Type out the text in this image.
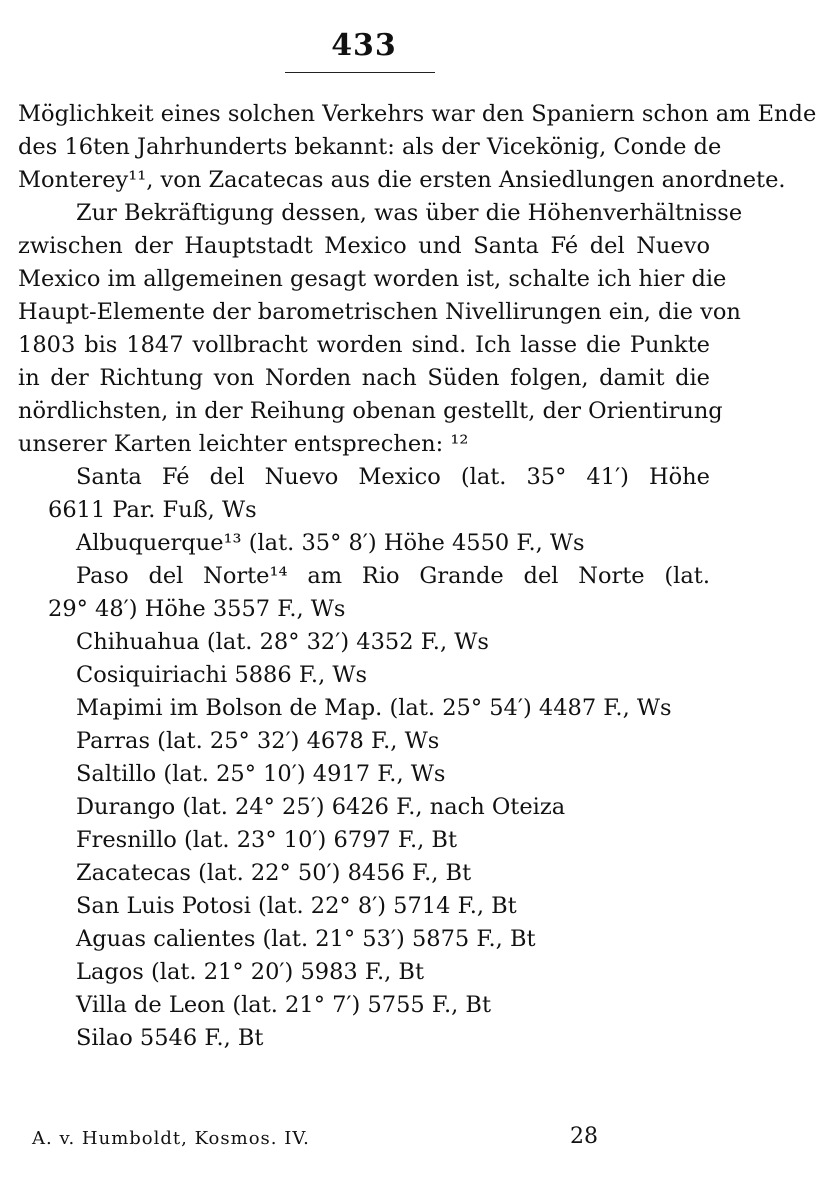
433
Möglichkeit eines solchen Verkehrs war den Spaniern schon am Ende
des 16ten Jahrhunderts bekannt: als der Vicekönig, Conde de
Monterey¹¹, von Zacatecas aus die ersten Ansiedlungen anordnete.
Zur Bekräftigung dessen, was über die Höhenverhältnisse
zwischen der Hauptstadt Mexico und Santa Fé del Nuevo
Mexico im allgemeinen gesagt worden ist, schalte ich hier die
Haupt-Elemente der barometrischen Nivellirungen ein, die von
1803 bis 1847 vollbracht worden sind. Ich lasse die Punkte
in der Richtung von Norden nach Süden folgen, damit die
nördlichsten, in der Reihung obenan gestellt, der Orientirung
unserer Karten leichter entsprechen: ¹²
Santa Fé del Nuevo Mexico (lat. 35° 41′) Höhe
6611 Par. Fuß, Ws
Albuquerque¹³ (lat. 35° 8′) Höhe 4550 F., Ws
Paso del Norte¹⁴ am Rio Grande del Norte (lat.
29° 48′) Höhe 3557 F., Ws
Chihuahua (lat. 28° 32′) 4352 F., Ws
Cosiquiriachi 5886 F., Ws
Mapimi im Bolson de Map. (lat. 25° 54′) 4487 F., Ws
Parras (lat. 25° 32′) 4678 F., Ws
Saltillo (lat. 25° 10′) 4917 F., Ws
Durango (lat. 24° 25′) 6426 F., nach Oteiza
Fresnillo (lat. 23° 10′) 6797 F., Bt
Zacatecas (lat. 22° 50′) 8456 F., Bt
San Luis Potosi (lat. 22° 8′) 5714 F., Bt
Aguas calientes (lat. 21° 53′) 5875 F., Bt
Lagos (lat. 21° 20′) 5983 F., Bt
Villa de Leon (lat. 21° 7′) 5755 F., Bt
Silao 5546 F., Bt
A. v. Humboldt, Kosmos. IV.	28
